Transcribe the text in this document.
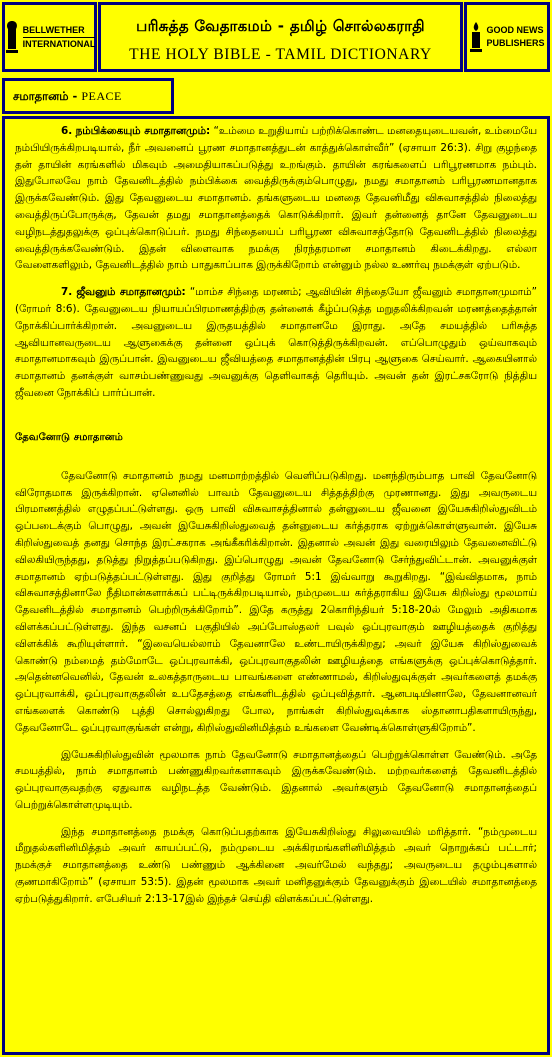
BELLWETHER
INTERNATIONAL
பரிசுத்த வேதாகமம் - தமிழ் சொல்லகராதி
THE HOLY BIBLE - TAMIL DICTIONARY
GOOD NEWS
PUBLISHERS
சமாதானம் - PEACE

6. நம்பிக்கையும் சமாதானமும்: “உம்மை உறுதியாய் பற்றிக்கொண்ட மனதையுடையவன், உம்மையே நம்பியிருக்கிறபடியால், நீர் அவனைப் பூரண சமாதானத்துடன் காத்துக்கொள்வீர்” (ஏசாயா 26:3). சிறு குழந்தை தன் தாயின் கரங்களில் மிகவும் அமைதியாகப்படுத்து உறங்கும். தாயின் கரங்களைப் பரிபூரணமாக நம்பும். இதுபோலவே நாம் தேவனிடத்தில் நம்பிக்கை வைத்திருக்கும்பொழுது, நமது சமாதானம் பரிபூரணமானதாக இருக்கவேண்டும். இது தேவனுடைய சமாதானம். தங்களுடைய மனதை தேவனிமீது விசுவாசத்தில் நிலைத்து வைத்திருப்போருக்கு, தேவன் தமது சமாதானத்தைக் கொடுக்கிறார். இவர் தன்னைத் தானே தேவனுடைய வழிநடத்துதலுக்கு ஒப்புக்கொடுப்பர். நமது சிந்தையைப் பரிபூரண விசுவாசத்தோடு தேவனிடத்தில் நிலைத்து வைத்திருக்கவேண்டும். இதன் விளைவாக நமக்கு நிரந்தரமான சமாதானம் கிடைக்கிறது. எல்லா வேளைகளிலும், தேவனிடத்தில் நாம் பாதுகாப்பாக இருக்கிறோம் என்னும் நல்ல உணர்வு நமக்குள் ஏற்படும்.

7. ஜீவனும் சமாதானமும்: “மாம்ச சிந்தை மரணம்; ஆவியின் சிந்தையோ ஜீவனும் சமாதானமுமாம்” (ரோமர் 8:6). தேவனுடைய நியாயப்பிரமாணத்திற்கு தன்னைக் கீழ்ப்படுத்த மறுதலிக்கிறவன் மரணத்தைத்தான் நோக்கிப்பார்க்கிறான். அவனுடைய இருதயத்தில் சமாதானமே இராது. அதே சமயத்தில் பரிசுத்த ஆவியானவருடைய ஆளுகைக்கு தன்னை ஒப்புக் கொடுத்திருக்கிறவன். எப்பொழுதும் ஒய்வாகவும் சமாதானமாகவும் இருப்பான். இவனுடைய ஜீவியத்தை சமாதானத்தின் பிரபு ஆளுகை செய்வார். ஆகையினால் சமாதானம் தனக்குள் வாசம்பண்ணுவது அவனுக்கு தெளிவாகத் தெரியும். அவன் தன் இரட்சகரோடு நித்திய ஜீவனை நோக்கிப் பார்ப்பான்.

தேவனோடு சமாதானம்

தேவனோடு சமாதானம் நமது மனமாற்றத்தில் வெளிப்படுகிறது. மனந்திரும்பாத பாவி தேவனோடு விரோதமாக இருக்கிறான். ஏனெனில் பாவம் தேவனுடைய சித்தத்திற்கு முரணானது. இது அவருடைய பிரமாணத்தில் எழுதப்பட்டுள்ளது. ஒரு பாவி விசுவாசத்தினால் தன்னுடைய ஜீவனை இயேசுகிறிஸ்துவிடம் ஒப்படைக்கும் பொழுது, அவன் இயேசுகிறிஸ்துவைத் தன்னுடைய கர்த்தராக ஏற்றுக்கொள்ளுவான். இயேசு கிறிஸ்துவைத் தனது சொந்த இரட்சகராக அங்கீகரிக்கிறான். இதனால் அவன் இது வரையிலும் தேவனைவிட்டு விலகியிருந்தது, தடுத்து நிறுத்தப்படுகிறது. இப்பொழுது அவன் தேவனோடு சேர்ந்துவிட்டான். அவனுக்குள் சமாதானம் ஏற்படுத்தப்பட்டுள்ளது. இது குறித்து ரோமர் 5:1 இவ்வாறு கூறுகிறது. “இவ்விதமாக, நாம் விசுவாசத்தினாலே நீதிமான்களாக்கப் பட்டிருக்கிறபடியால், நம்முடைய கர்த்தராகிய இயேசு கிறிஸ்து மூலமாய் தேவனிடத்தில் சமாதானம் பெற்றிருக்கிறோம்”. இதே கருத்து 2கொரிந்தியர் 5:18-20ல் மேலும் அதிகமாக விளக்கப்பட்டுள்ளது. இந்த வசனப் பகுதியில் அப்போஸ்தலர் பவுல் ஒப்புரவாகும் ஊழியத்தைக் குறித்து விளக்கிக் கூறியுள்ளார். “இவையெல்லாம் தேவனாலே உண்டாயிருக்கிறது; அவர் இயேசு கிறிஸ்துவைக் கொண்டு நம்மைத் தம்மோடே ஒப்புரவாக்கி, ஒப்புரவாகுதலின் ஊழியத்தை எங்களுக்கு ஒப்புக்கொடுத்தார். அதென்னவெனில், தேவன் உலகத்தாருடைய பாவங்களை எண்ணாமல், கிறிஸ்துவுக்குள் அவர்களைத் தமக்கு ஒப்புரவாக்கி, ஒப்புரவாகுதலின் உபதேசத்தை எங்களிடத்தில் ஒப்புவித்தார். ஆனபடியினாலே, தேவனானவர் எங்களைக் கொண்டு புத்தி சொல்லுகிறது போல, நாங்கள் கிறிஸ்துவுக்காக ஸ்தானாபதிகளாயிருந்து, தேவனோடே ஒப்புரவாகுங்கள் என்று, கிறிஸ்துவினிமித்தம் உங்களை வேண்டிக்கொள்ளுகிறோம்”.

இயேசுகிறிஸ்துவின் மூலமாக நாம் தேவனோடு சமாதானத்தைப் பெற்றுக்கொள்ள வேண்டும். அதே சமயத்தில், நாம் சமாதானம் பண்ணுகிறவர்களாகவும் இருக்கவேண்டும். மற்றவர்களைத் தேவனிடத்தில் ஒப்புரவாகுவதற்கு ஏதுவாக வழிநடத்த வேண்டும். இதனால் அவர்களும் தேவனோடு சமாதானத்தைப் பெற்றுக்கொள்ளமுடியும்.

இந்த சமாதானத்தை நமக்கு கொடுப்பதற்காக இயேசுகிறிஸ்து சிலுவையில் மரித்தார். “நம்முடைய மீறுதல்களினிமித்தம் அவர் காயப்பட்டு, நம்முடைய அக்கிரமங்களினிமித்தம் அவர் நொறுக்கப் பட்டார்; நமக்குச் சமாதானத்தை உண்டு பண்ணும் ஆக்கினை அவர்மேல் வந்தது; அவருடைய தழும்புகளால் குணமாகிறோம்” (ஏசாயா 53:5). இதன் மூலமாக அவர் மனிதனுக்கும் தேவனுக்கும் இடையில் சமாதானத்தை ஏற்படுத்துகிறார். எபேசியர் 2:13-17இல் இந்தச் செய்தி விளக்கப்பட்டுள்ளது.
